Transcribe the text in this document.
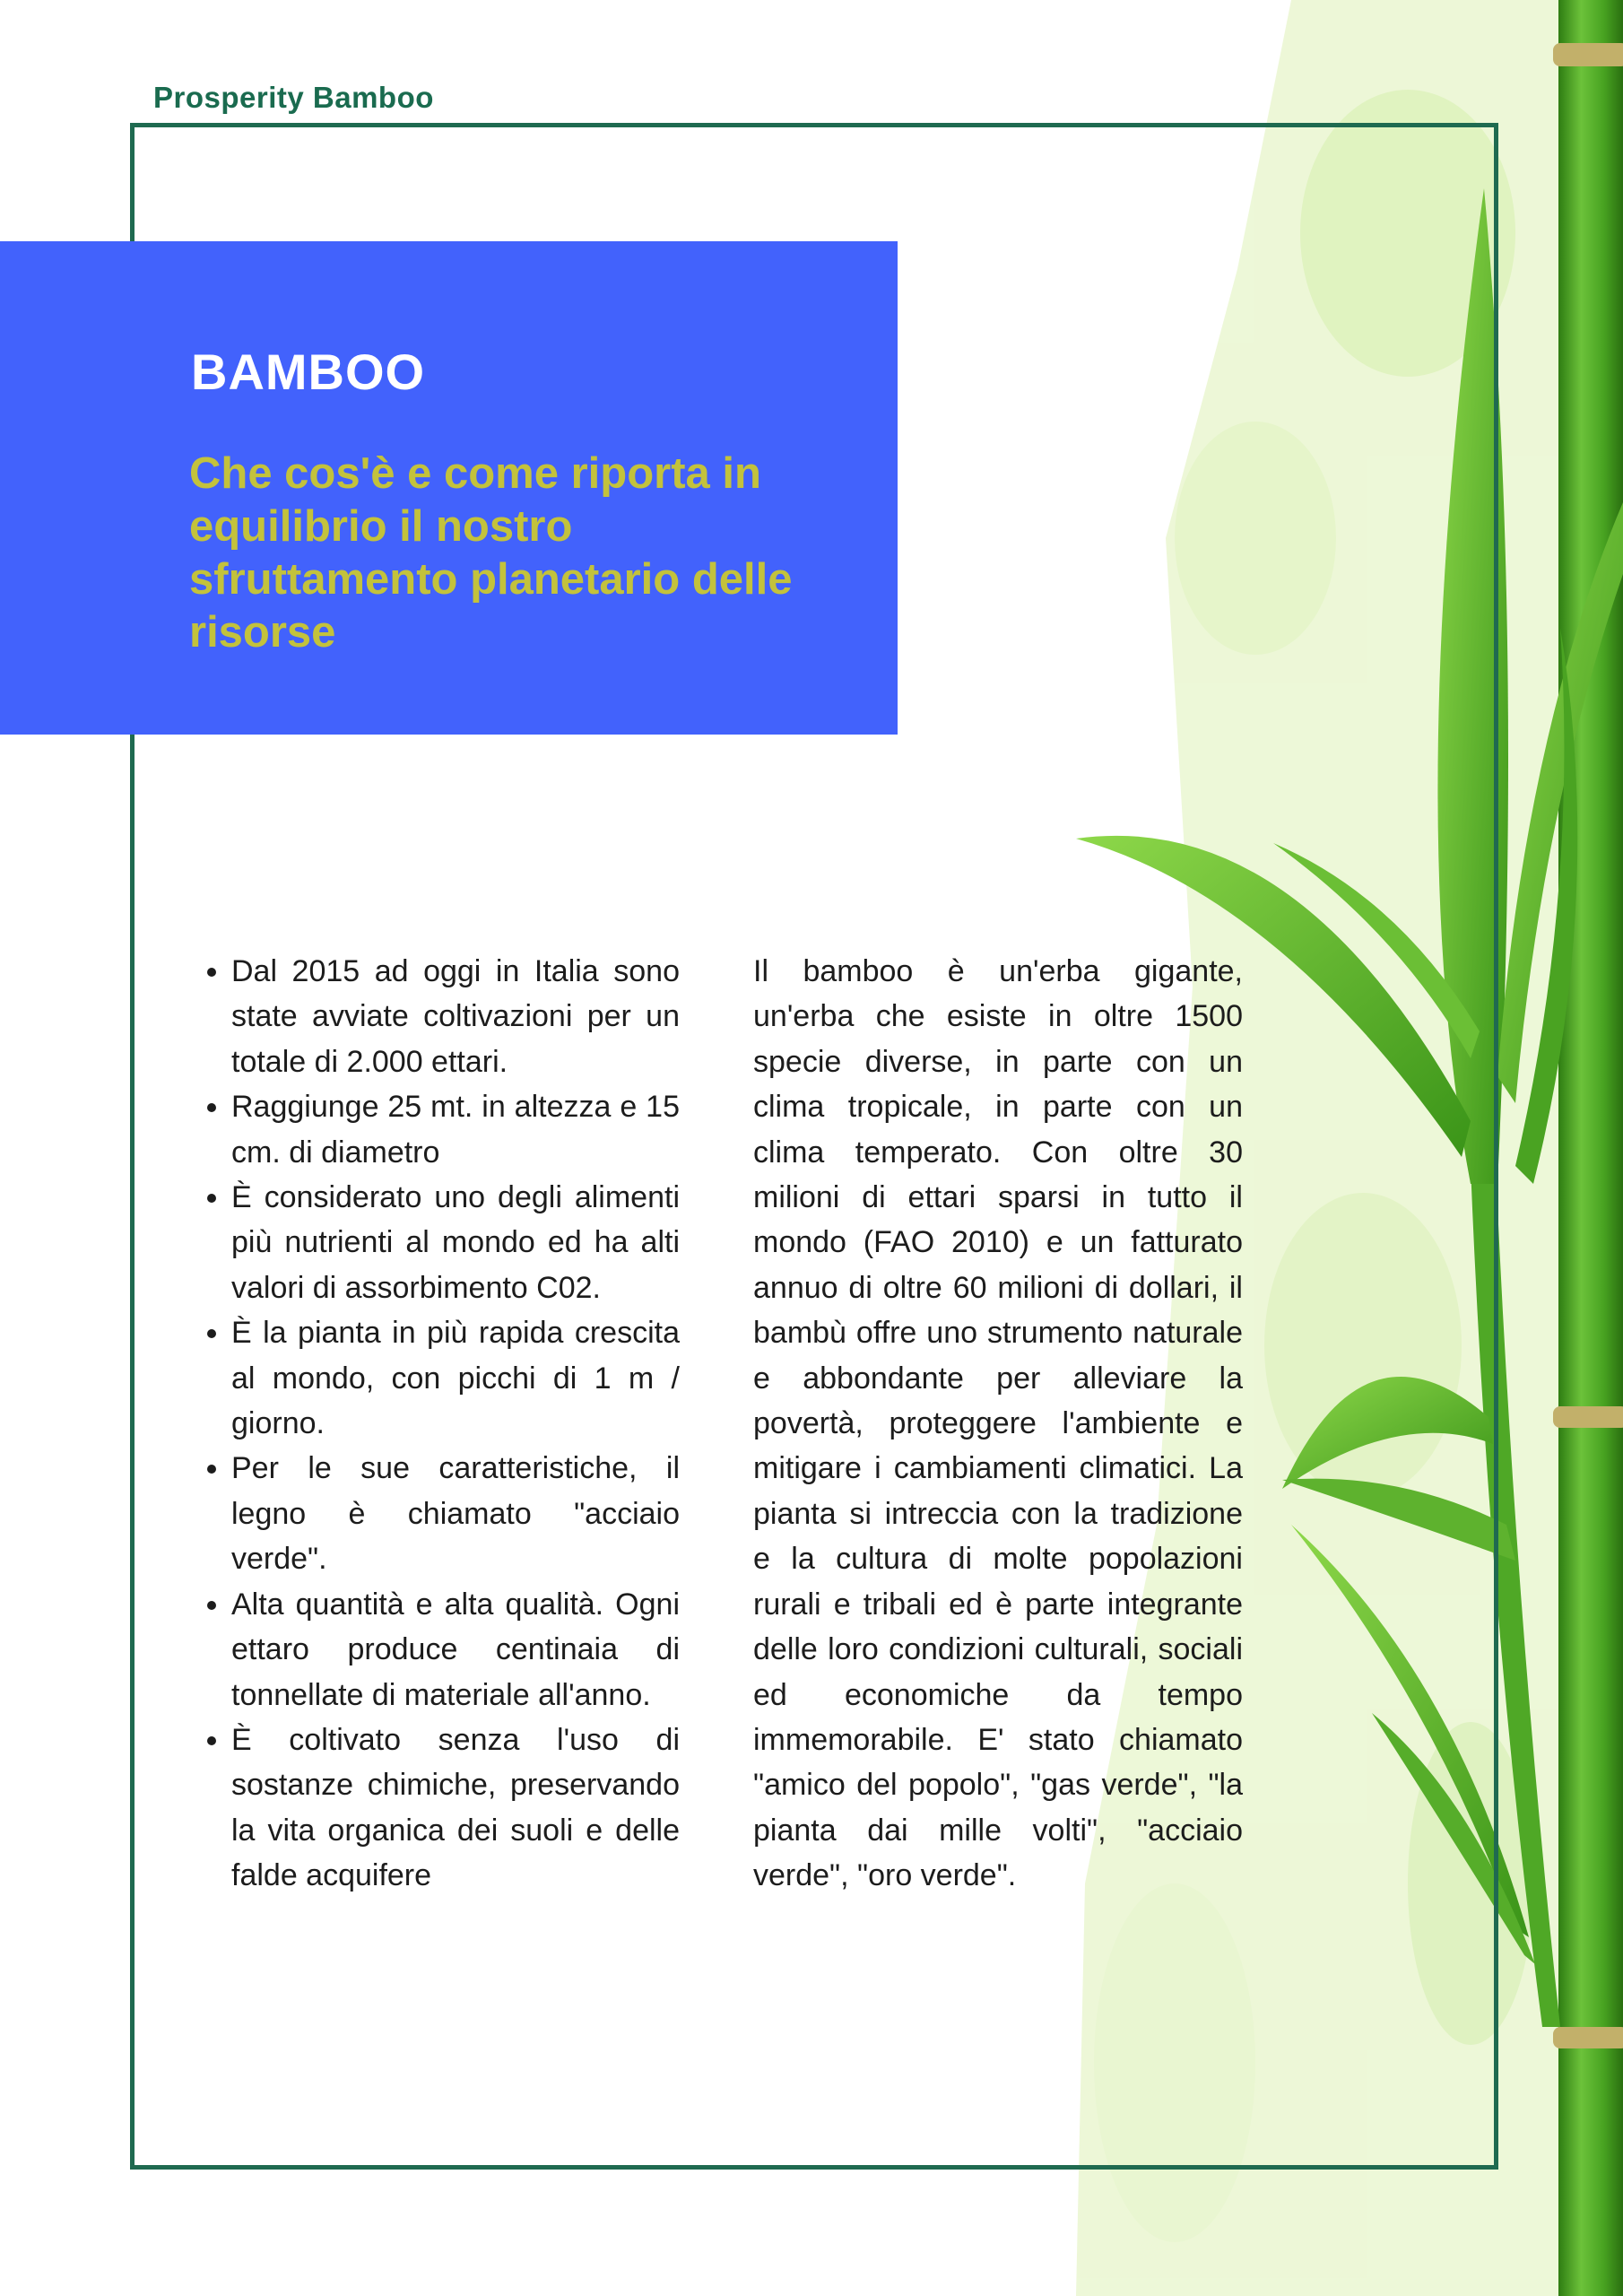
Prosperity Bamboo
BAMBOO

Che cos'è e come riporta in equilibrio il nostro sfruttamento planetario delle risorse

• Dal 2015 ad oggi in Italia sono state avviate coltivazioni per un totale di 2.000 ettari.
• Raggiunge 25 mt. in altezza e 15 cm. di diametro
• È considerato uno degli alimenti più nutrienti al mondo ed ha alti valori di assorbimento C02.
• È la pianta in più rapida crescita al mondo, con picchi di 1 m / giorno.
• Per le sue caratteristiche, il legno è chiamato "acciaio verde".
• Alta quantità e alta qualità. Ogni ettaro produce centinaia di tonnellate di materiale all'anno.
• È coltivato senza l'uso di sostanze chimiche, preservando la vita organica dei suoli e delle falde acquifere

Il bamboo è un'erba gigante, un'erba che esiste in oltre 1500 specie diverse, in parte con un clima tropicale, in parte con un clima temperato. Con oltre 30 milioni di ettari sparsi in tutto il mondo (FAO 2010) e un fatturato annuo di oltre 60 milioni di dollari, il bambù offre uno strumento naturale e abbondante per alleviare la povertà, proteggere l'ambiente e mitigare i cambiamenti climatici. La pianta si intreccia con la tradizione e la cultura di molte popolazioni rurali e tribali ed è parte integrante delle loro condizioni culturali, sociali ed economiche da tempo immemorabile. E' stato chiamato "amico del popolo", "gas verde", "la pianta dai mille volti", "acciaio verde", "oro verde".
